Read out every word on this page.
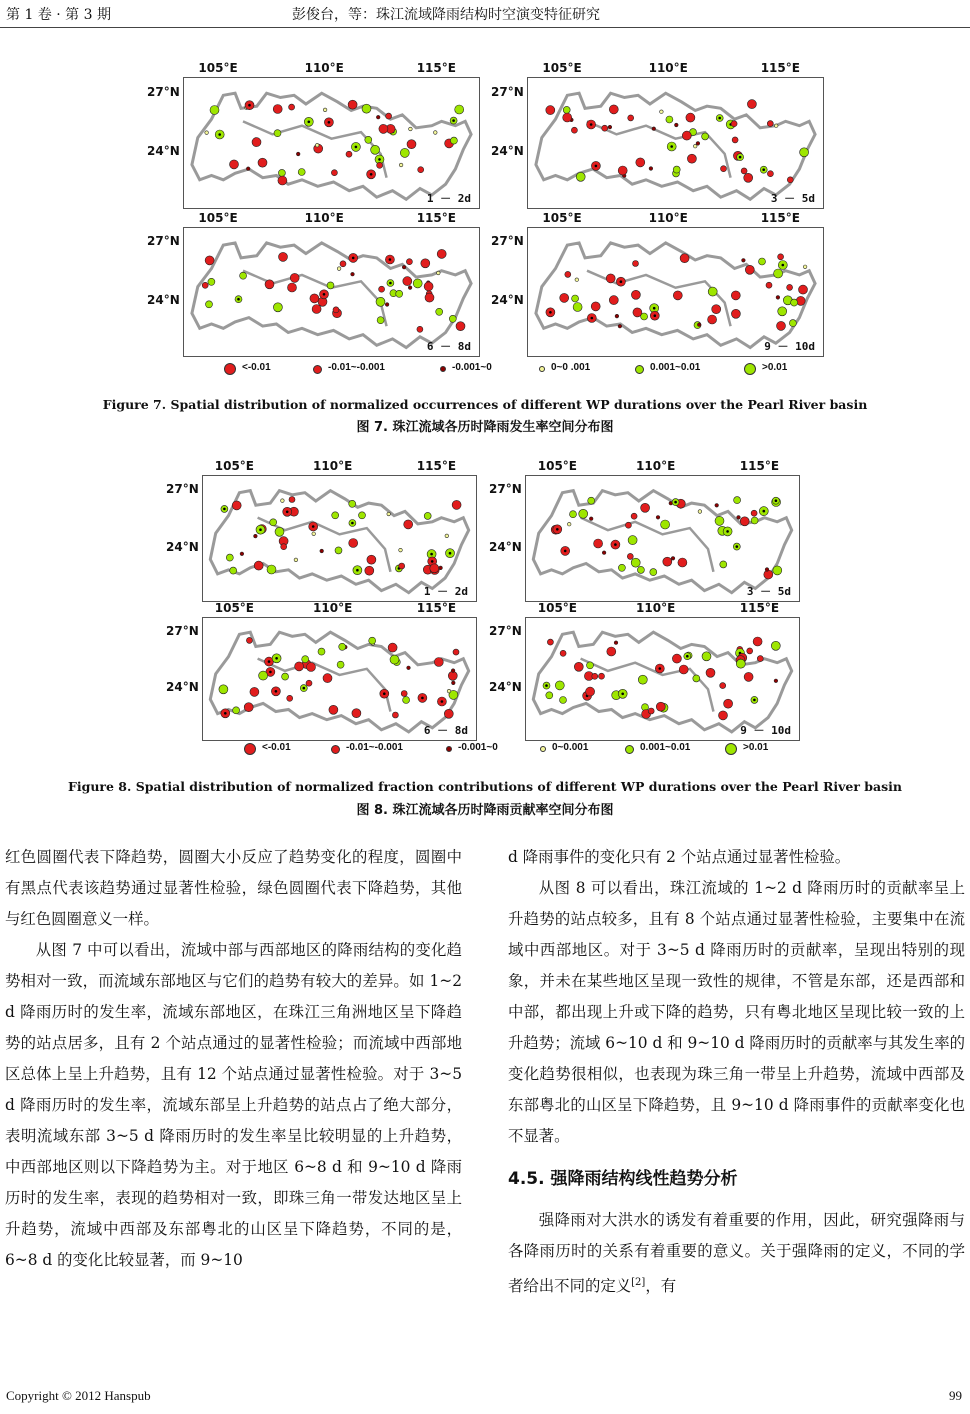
第 1 卷 · 第 3 期	彭俊台，等：珠江流域降雨结构时空演变特征研究
1 － 2d
105°E	110°E	115°E
27°N
24°N
3 － 5d
105°E	110°E	115°E
27°N
24°N
6 － 8d
105°E	110°E	115°E
27°N
24°N
9 － 10d
105°E	110°E	115°E
27°N
24°N
<-0.01	-0.01~-0.001	-0.001~0	0~0 .001	0.001~0.01	>0.01
Figure 7. Spatial distribution of normalized occurrences of different WP durations over the Pearl River basin
图 7. 珠江流域各历时降雨发生率空间分布图
1 － 2d
105°E	110°E	115°E
27°N
24°N
3 － 5d
105°E	110°E	115°E
27°N
24°N
6 － 8d
105°E	110°E	115°E
27°N
24°N
9 － 10d
105°E	110°E	115°E
27°N
24°N
<-0.01	-0.01~-0.001	-0.001~0	0~0.001	0.001~0.01	>0.01
Figure 8. Spatial distribution of normalized fraction contributions of different WP durations over the Pearl River basin
图 8. 珠江流域各历时降雨贡献率空间分布图

红色圆圈代表下降趋势，圆圈大小反应了趋势变化的程度，圆圈中有黑点代表该趋势通过显著性检验，绿色圆圈代表下降趋势，其他与红色圆圈意义一样。

从图 7 中可以看出，流域中部与西部地区的降雨结构的变化趋势相对一致，而流域东部地区与它们的趋势有较大的差异。如 1~2 d 降雨历时的发生率，流域东部地区，在珠江三角洲地区呈下降趋势的站点居多，且有 2 个站点通过的显著性检验；而流域中西部地区总体上呈上升趋势，且有 12 个站点通过显著性检验。对于 3~5 d 降雨历时的发生率，流域东部呈上升趋势的站点占了绝大部分，表明流域东部 3~5 d 降雨历时的发生率呈比较明显的上升趋势，中西部地区则以下降趋势为主。对于地区 6~8 d 和 9~10 d 降雨历时的发生率，表现的趋势相对一致，即珠三角一带发达地区呈上升趋势，流域中西部及东部粤北的山区呈下降趋势，不同的是，6~8 d 的变化比较显著，而 9~10

d 降雨事件的变化只有 2 个站点通过显著性检验。

从图 8 可以看出，珠江流域的 1~2 d 降雨历时的贡献率呈上升趋势的站点较多，且有 8 个站点通过显著性检验，主要集中在流域中西部地区。对于 3~5 d 降雨历时的贡献率，呈现出特别的现象，并未在某些地区呈现一致性的规律，不管是东部，还是西部和中部，都出现上升或下降的趋势，只有粤北地区呈现比较一致的上升趋势；流域 6~10 d 和 9~10 d 降雨历时的贡献率与其发生率的变化趋势很相似，也表现为珠三角一带呈上升趋势，流域中西部及东部粤北的山区呈下降趋势，且 9~10 d 降雨事件的贡献率变化也不显著。

4.5. 强降雨结构线性趋势分析

强降雨对大洪水的诱发有着重要的作用，因此，研究强降雨与各降雨历时的关系有着重要的意义。关于强降雨的定义，不同的学者给出不同的定义[2]，有

Copyright © 2012 Hanspub	99
